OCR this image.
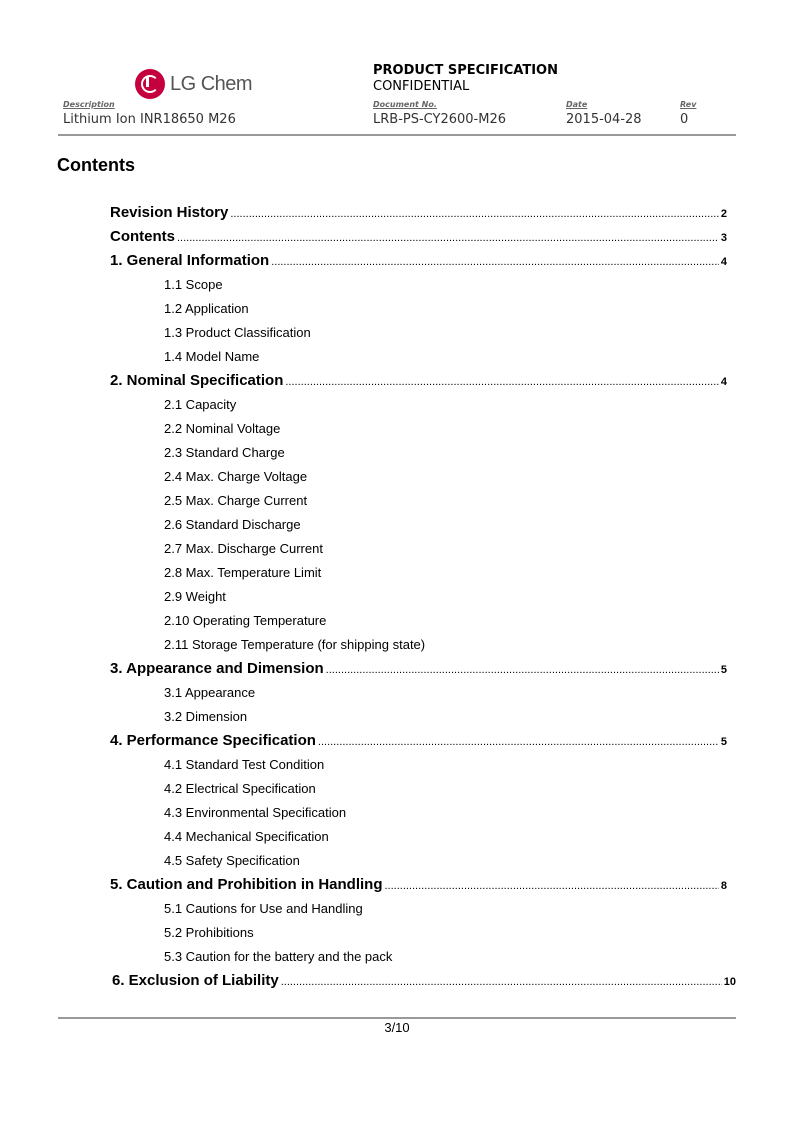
LG Chem
PRODUCT SPECIFICATION
CONFIDENTIAL
Description
Lithium Ion INR18650 M26
Document No.
LRB-PS-CY2600-M26
Date
2015-04-28
Rev
0
Contents
Revision History .....	2
Contents .....	3
1. General Information .....	4
1.1 Scope
1.2 Application
1.3 Product Classification
1.4 Model Name
2. Nominal Specification .....	4
2.1 Capacity
2.2 Nominal Voltage
2.3 Standard Charge
2.4 Max. Charge Voltage
2.5 Max. Charge Current
2.6 Standard Discharge
2.7 Max. Discharge Current
2.8 Max. Temperature Limit
2.9 Weight
2.10 Operating Temperature
2.11 Storage Temperature (for shipping state)
3. Appearance and Dimension .....	5
3.1 Appearance
3.2 Dimension
4. Performance Specification .....	5
4.1 Standard Test Condition
4.2 Electrical Specification
4.3 Environmental Specification
4.4 Mechanical Specification
4.5 Safety Specification
5. Caution and Prohibition in Handling .....	8
5.1 Cautions for Use and Handling
5.2 Prohibitions
5.3 Caution for the battery and the pack
6. Exclusion of Liability .....	10
3/10
